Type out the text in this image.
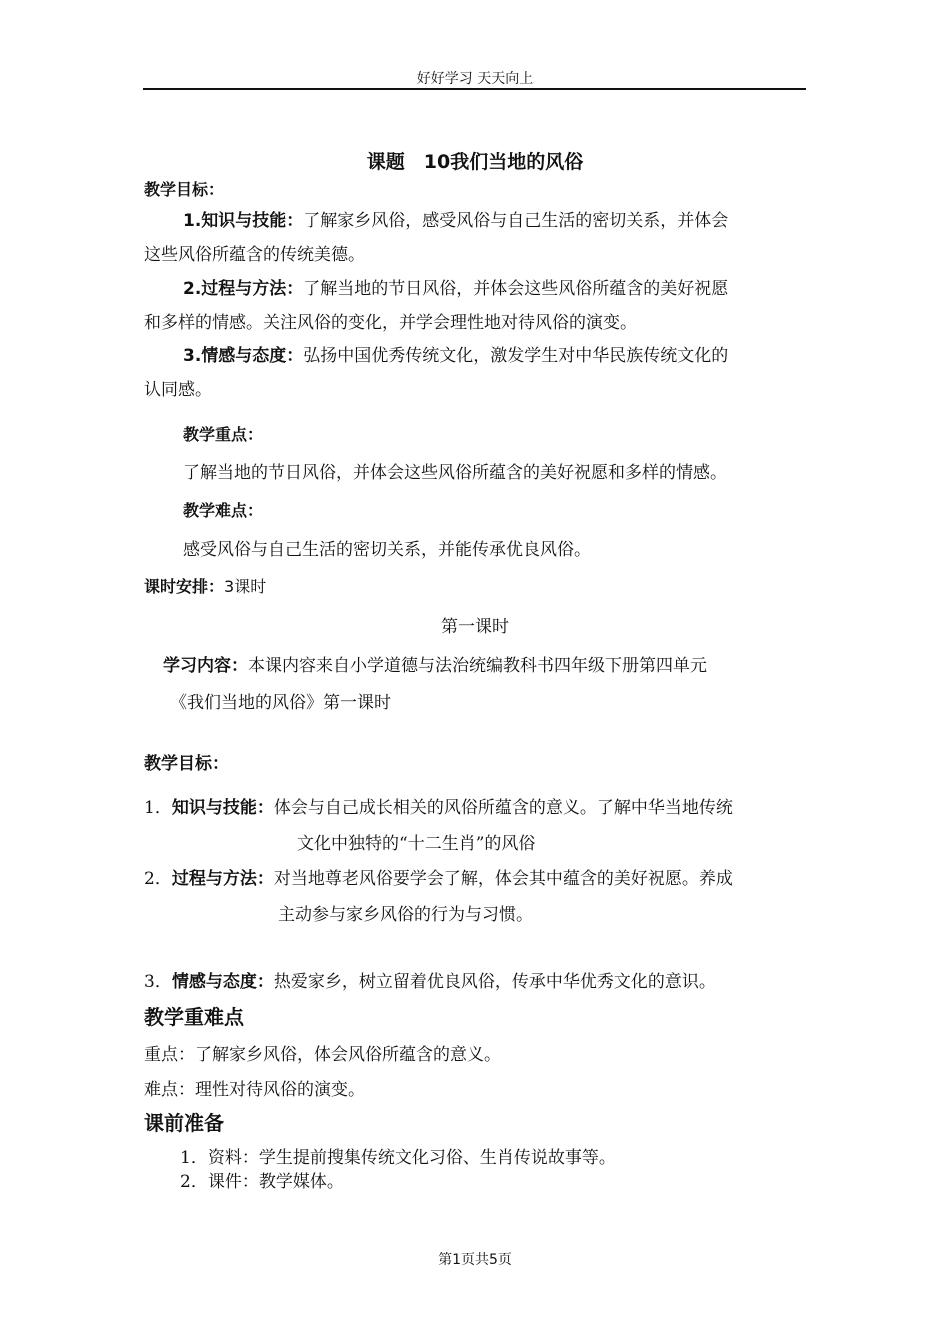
好好学习 天天向上
课题　10我们当地的风俗
教学目标：
1.知识与技能：了解家乡风俗，感受风俗与自己生活的密切关系，并体会
这些风俗所蕴含的传统美德。
2.过程与方法：了解当地的节日风俗，并体会这些风俗所蕴含的美好祝愿
和多样的情感。关注风俗的变化，并学会理性地对待风俗的演变。
3.情感与态度：弘扬中国优秀传统文化，激发学生对中华民族传统文化的
认同感。
教学重点：
了解当地的节日风俗，并体会这些风俗所蕴含的美好祝愿和多样的情感。
教学难点：
感受风俗与自己生活的密切关系，并能传承优良风俗。
课时安排：3课时
第一课时
学习内容：本课内容来自小学道德与法治统编教科书四年级下册第四单元
《我们当地的风俗》第一课时
教学目标：
1．知识与技能：体会与自己成长相关的风俗所蕴含的意义。了解中华当地传统
文化中独特的“十二生肖”的风俗
2．过程与方法：对当地尊老风俗要学会了解，体会其中蕴含的美好祝愿。养成
主动参与家乡风俗的行为与习惯。
3．情感与态度：热爱家乡，树立留着优良风俗，传承中华优秀文化的意识。
教学重难点
重点：了解家乡风俗，体会风俗所蕴含的意义。
难点：理性对待风俗的演变。
课前准备
1．资料：学生提前搜集传统文化习俗、生肖传说故事等。
2．课件：教学媒体。
第1页共5页
